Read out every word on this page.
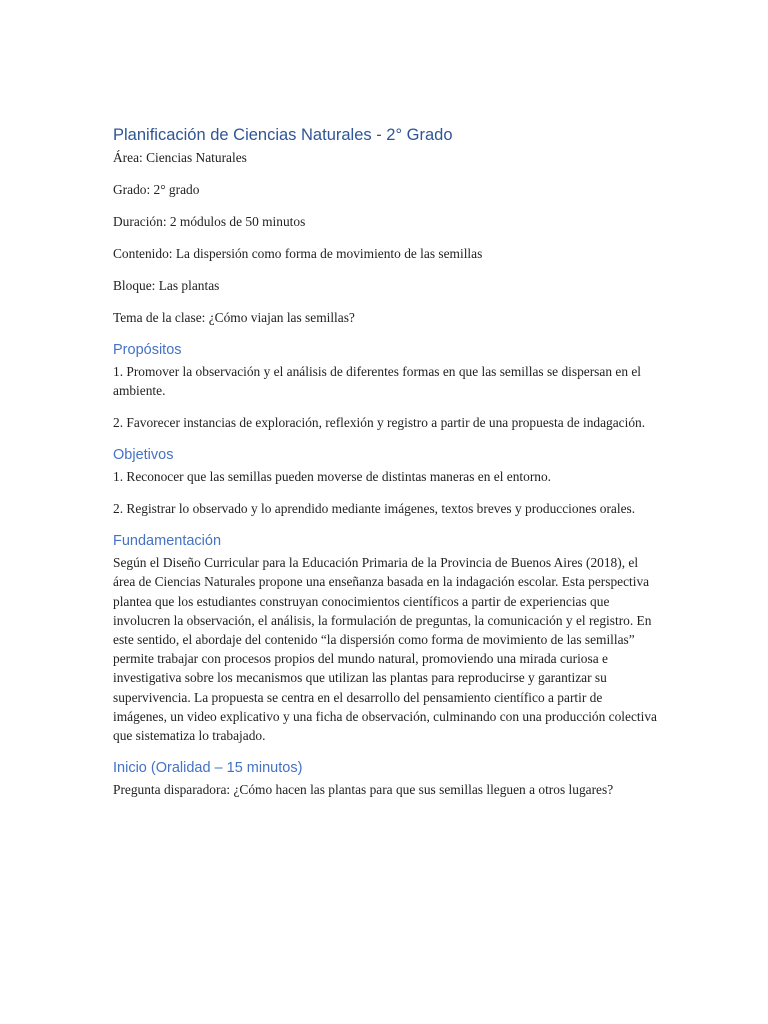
Planificación de Ciencias Naturales - 2° Grado

Área: Ciencias Naturales

Grado: 2° grado

Duración: 2 módulos de 50 minutos

Contenido: La dispersión como forma de movimiento de las semillas

Bloque: Las plantas

Tema de la clase: ¿Cómo viajan las semillas?

Propósitos

1. Promover la observación y el análisis de diferentes formas en que las semillas se dispersan en el ambiente.

2. Favorecer instancias de exploración, reflexión y registro a partir de una propuesta de indagación.

Objetivos

1. Reconocer que las semillas pueden moverse de distintas maneras en el entorno.

2. Registrar lo observado y lo aprendido mediante imágenes, textos breves y producciones orales.

Fundamentación

Según el Diseño Curricular para la Educación Primaria de la Provincia de Buenos Aires (2018), el área de Ciencias Naturales propone una enseñanza basada en la indagación escolar. Esta perspectiva plantea que los estudiantes construyan conocimientos científicos a partir de experiencias que involucren la observación, el análisis, la formulación de preguntas, la comunicación y el registro. En este sentido, el abordaje del contenido “la dispersión como forma de movimiento de las semillas” permite trabajar con procesos propios del mundo natural, promoviendo una mirada curiosa e investigativa sobre los mecanismos que utilizan las plantas para reproducirse y garantizar su supervivencia. La propuesta se centra en el desarrollo del pensamiento científico a partir de imágenes, un video explicativo y una ficha de observación, culminando con una producción colectiva que sistematiza lo trabajado.

Inicio (Oralidad – 15 minutos)

Pregunta disparadora: ¿Cómo hacen las plantas para que sus semillas lleguen a otros lugares?
